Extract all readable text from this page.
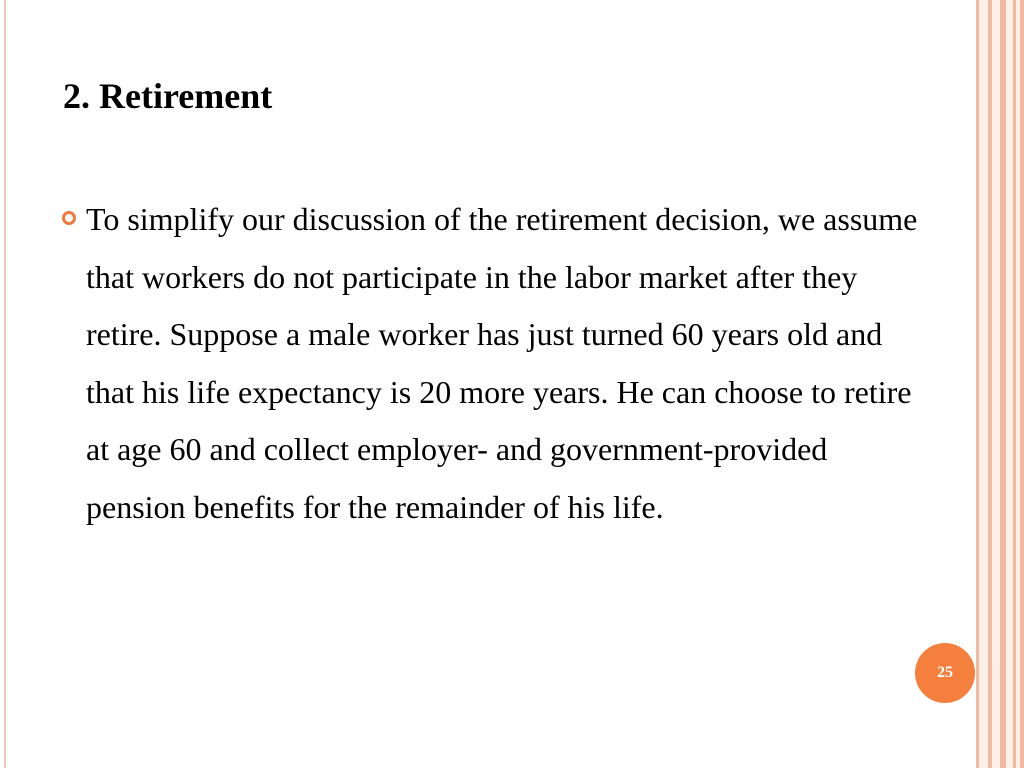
2. Retirement

To simplify our discussion of the retirement decision, we assume that workers do not participate in the labor market after they retire. Suppose a male worker has just turned 60 years old and that his life expectancy is 20 more years. He can choose to retire at age 60 and collect employer- and government-provided pension benefits for the remainder of his life.

25
